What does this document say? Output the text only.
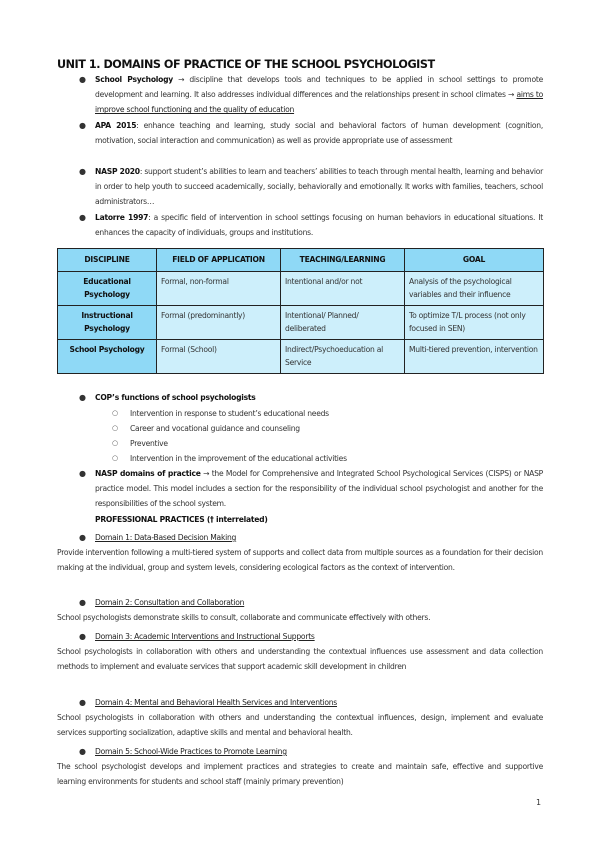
UNIT 1. DOMAINS OF PRACTICE OF THE SCHOOL PSYCHOLOGIST
● School Psychology → discipline that develops tools and techniques to be applied in school settings to promote development and learning. It also addresses individual differences and the relationships present in school climates → aims to improve school functioning and the quality of education
● APA 2015: enhance teaching and learning, study social and behavioral factors of human development (cognition, motivation, social interaction and communication) as well as provide appropriate use of assessment
● NASP 2020: support student’s abilities to learn and teachers’ abilities to teach through mental health, learning and behavior in order to help youth to succeed academically, socially, behaviorally and emotionally. It works with families, teachers, school administrators…
● Latorre 1997: a specific field of intervention in school settings focusing on human behaviors in educational situations. It enhances the capacity of individuals, groups and institutions.
DISCIPLINE	FIELD OF APPLICATION	TEACHING/LEARNING	GOAL
Educational Psychology	Formal, non-formal	Intentional and/or not	Analysis of the psychological variables and their influence
Instructional Psychology	Formal (predominantly)	Intentional/ Planned/ deliberated	To optimize T/L process (not only focused in SEN)
School Psychology	Formal (School)	Indirect/Psychoeducation al Service	Multi-tiered prevention, intervention
● COP’s functions of school psychologists
○ Intervention in response to student’s educational needs
○ Career and vocational guidance and counseling
○ Preventive
○ Intervention in the improvement of the educational activities
● NASP domains of practice → the Model for Comprehensive and Integrated School Psychological Services (CISPS) or NASP practice model. This model includes a section for the responsibility of the individual school psychologist and another for the responsibilities of the school system.
PROFESSIONAL PRACTICES († interrelated)
● Domain 1: Data-Based Decision Making
Provide intervention following a multi-tiered system of supports and collect data from multiple sources as a foundation for their decision making at the individual, group and system levels, considering ecological factors as the context of intervention.
● Domain 2: Consultation and Collaboration
School psychologists demonstrate skills to consult, collaborate and communicate effectively with others.
● Domain 3: Academic Interventions and Instructional Supports
School psychologists in collaboration with others and understanding the contextual influences use assessment and data collection methods to implement and evaluate services that support academic skill development in children
● Domain 4: Mental and Behavioral Health Services and Interventions
School psychologists in collaboration with others and understanding the contextual influences, design, implement and evaluate services supporting socialization, adaptive skills and mental and behavioral health.
● Domain 5: School-Wide Practices to Promote Learning
The school psychologist develops and implement practices and strategies to create and maintain safe, effective and supportive learning environments for students and school staff (mainly primary prevention)
1
